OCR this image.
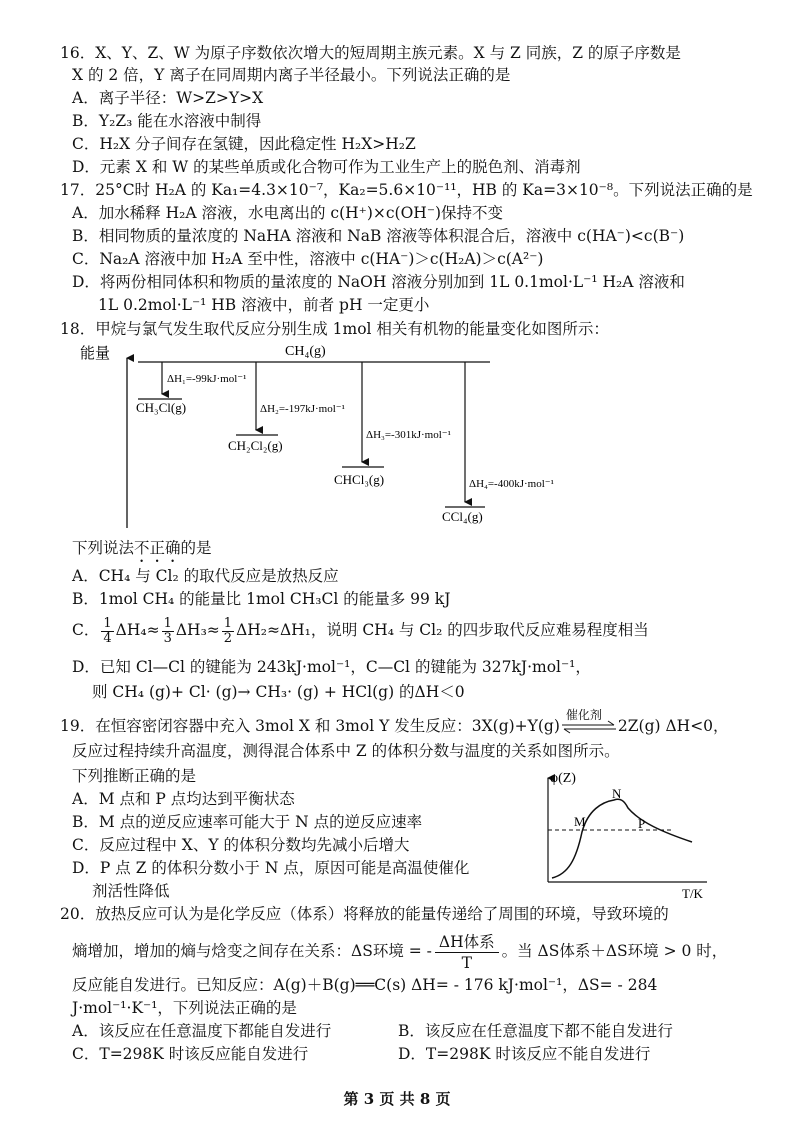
16．X、Y、Z、W 为原子序数依次增大的短周期主族元素。X 与 Z 同族，Z 的原子序数是
X 的 2 倍，Y 离子在同周期内离子半径最小。下列说法正确的是
A．离子半径：W>Z>Y>X
B．Y₂Z₃ 能在水溶液中制得
C．H₂X 分子间存在氢键，因此稳定性 H₂X>H₂Z
D．元素 X 和 W 的某些单质或化合物可作为工业生产上的脱色剂、消毒剂
17．25°C时 H₂A 的 Ka₁=4.3×10⁻⁷，Ka₂=5.6×10⁻¹¹，HB 的 Ka=3×10⁻⁸。下列说法正确的是
A．加水稀释 H₂A 溶液，水电离出的 c(H⁺)×c(OH⁻)保持不变
B．相同物质的量浓度的 NaHA 溶液和 NaB 溶液等体积混合后，溶液中 c(HA⁻)<c(B⁻)
C．Na₂A 溶液中加 H₂A 至中性，溶液中 c(HA⁻)＞c(H₂A)＞c(A²⁻)
D．将两份相同体积和物质的量浓度的 NaOH 溶液分别加到 1L 0.1mol·L⁻¹ H₂A 溶液和
1L 0.2mol·L⁻¹ HB 溶液中，前者 pH 一定更小
18．甲烷与氯气发生取代反应分别生成 1mol 相关有机物的能量变化如图所示：
能量	CH₄(g)
ΔH₁=-99kJ·mol⁻¹
CH₃Cl(g)	ΔH₂=-197kJ·mol⁻¹
CH₂Cl₂(g)
ΔH₃=-301kJ·mol⁻¹
CHCl₃(g)	ΔH₄=-400kJ·mol⁻¹
CCl₄(g)
下列说法不正确的是
A．CH₄ 与 Cl₂ 的取代反应是放热反应
B．1mol CH₄ 的能量比 1mol CH₃Cl 的能量多 99 kJ
C． $\frac{1}{4} \Delta H_4\approx \frac{1}{3} \Delta H_3\approx \frac{1}{2} \Delta H_2\approx\Delta H_1$，说明 CH₄ 与 Cl₂ 的四步取代反应难易程度相当
D．已知 Cl—Cl 的键能为 243kJ·mol⁻¹，C—Cl 的键能为 327kJ·mol⁻¹，
则 CH₄ (g)+ Cl· (g)→ CH₃· (g) + HCl(g) 的ΔH＜0
19．在恒容密闭容器中充入 3mol X 和 3mol Y 发生反应：3X(g)+Y(g)
催化剂
2Z(g) ΔH<0，
反应过程持续升高温度，测得混合体系中 Z 的体积分数与温度的关系如图所示。
下列推断正确的是
A．M 点和 P 点均达到平衡状态
B．M 点的逆反应速率可能大于 N 点的逆反应速率
C．反应过程中 X、Y 的体积分数均先减小后增大
D．P 点 Z 的体积分数小于 N 点，原因可能是高温使催化
剂活性降低
φ(Z)
T/K
M
N
P
20．放热反应可认为是化学反应（体系）将释放的能量传递给了周围的环境，导致环境的
熵增加，增加的熵与焓变之间存在关系：ΔS环境 = -
ΔH体系
T
。当 ΔS体系＋ΔS环境 > 0 时，
反应能自发进行。已知反应：A(g)＋B(g)══C(s) ΔH= - 176 kJ·mol⁻¹，ΔS= - 284
J·mol⁻¹·K⁻¹，下列说法正确的是
A．该反应在任意温度下都能自发进行	B．该反应在任意温度下都不能自发进行
C．T=298K 时该反应能自发进行	D．T=298K 时该反应不能自发进行
第 3 页 共 8 页
